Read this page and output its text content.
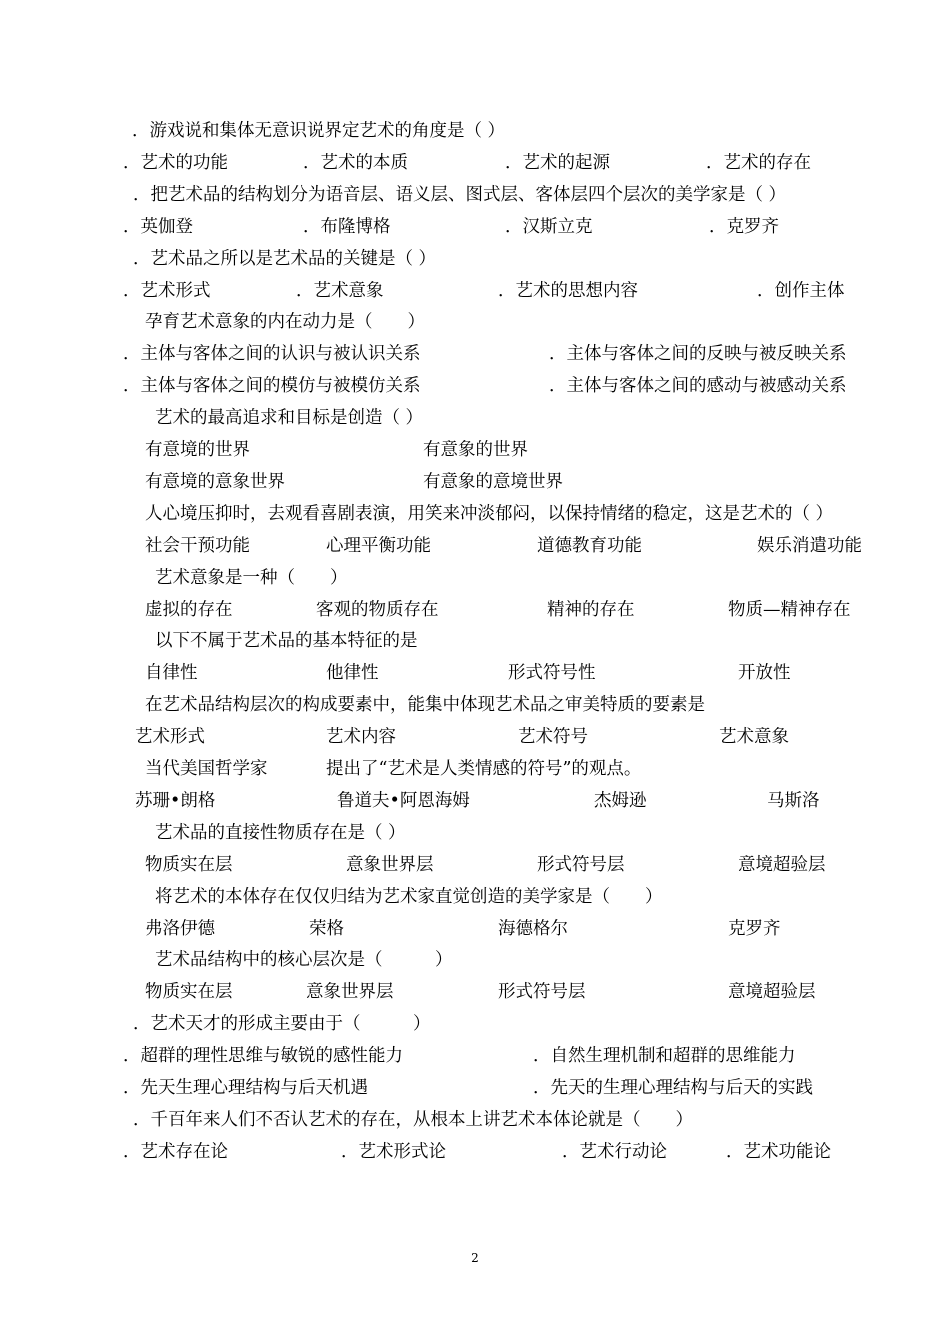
．游戏说和集体无意识说界定艺术的角度是（ ）
．艺术的功能	．艺术的本质	．艺术的起源	．艺术的存在
．把艺术品的结构划分为语音层、语义层、图式层、客体层四个层次的美学家是（ ）
．英伽登	．布隆博格	．汉斯立克	．克罗齐
．艺术品之所以是艺术品的关键是（ ）
．艺术形式	．艺术意象	．艺术的思想内容	．创作主体
孕育艺术意象的内在动力是（　　）
．主体与客体之间的认识与被认识关系	．主体与客体之间的反映与被反映关系
．主体与客体之间的模仿与被模仿关系	．主体与客体之间的感动与被感动关系
艺术的最高追求和目标是创造（ ）
有意境的世界	有意象的世界
有意境的意象世界	有意象的意境世界
人心境压抑时，去观看喜剧表演，用笑来冲淡郁闷，以保持情绪的稳定，这是艺术的（ ）
社会干预功能	心理平衡功能	道德教育功能	娱乐消遣功能
艺术意象是一种（　　）
虚拟的存在	客观的物质存在	精神的存在	物质—精神存在
以下不属于艺术品的基本特征的是
自律性	他律性	形式符号性	开放性
在艺术品结构层次的构成要素中，能集中体现艺术品之审美特质的要素是
艺术形式	艺术内容	艺术符号	艺术意象
当代美国哲学家	提出了“艺术是人类情感的符号”的观点。
苏珊•朗格	鲁道夫•阿恩海姆	杰姆逊	马斯洛
艺术品的直接性物质存在是（ ）
物质实在层	意象世界层	形式符号层	意境超验层
将艺术的本体存在仅仅归结为艺术家直觉创造的美学家是（　　）
弗洛伊德	荣格	海德格尔	克罗齐
艺术品结构中的核心层次是（　　　）
物质实在层	意象世界层	形式符号层	意境超验层
．艺术天才的形成主要由于（　　　）
．超群的理性思维与敏锐的感性能力	．自然生理机制和超群的思维能力
．先天生理心理结构与后天机遇	．先天的生理心理结构与后天的实践
．千百年来人们不否认艺术的存在，从根本上讲艺术本体论就是（　　）
．艺术存在论	．艺术形式论	．艺术行动论	．艺术功能论
2
